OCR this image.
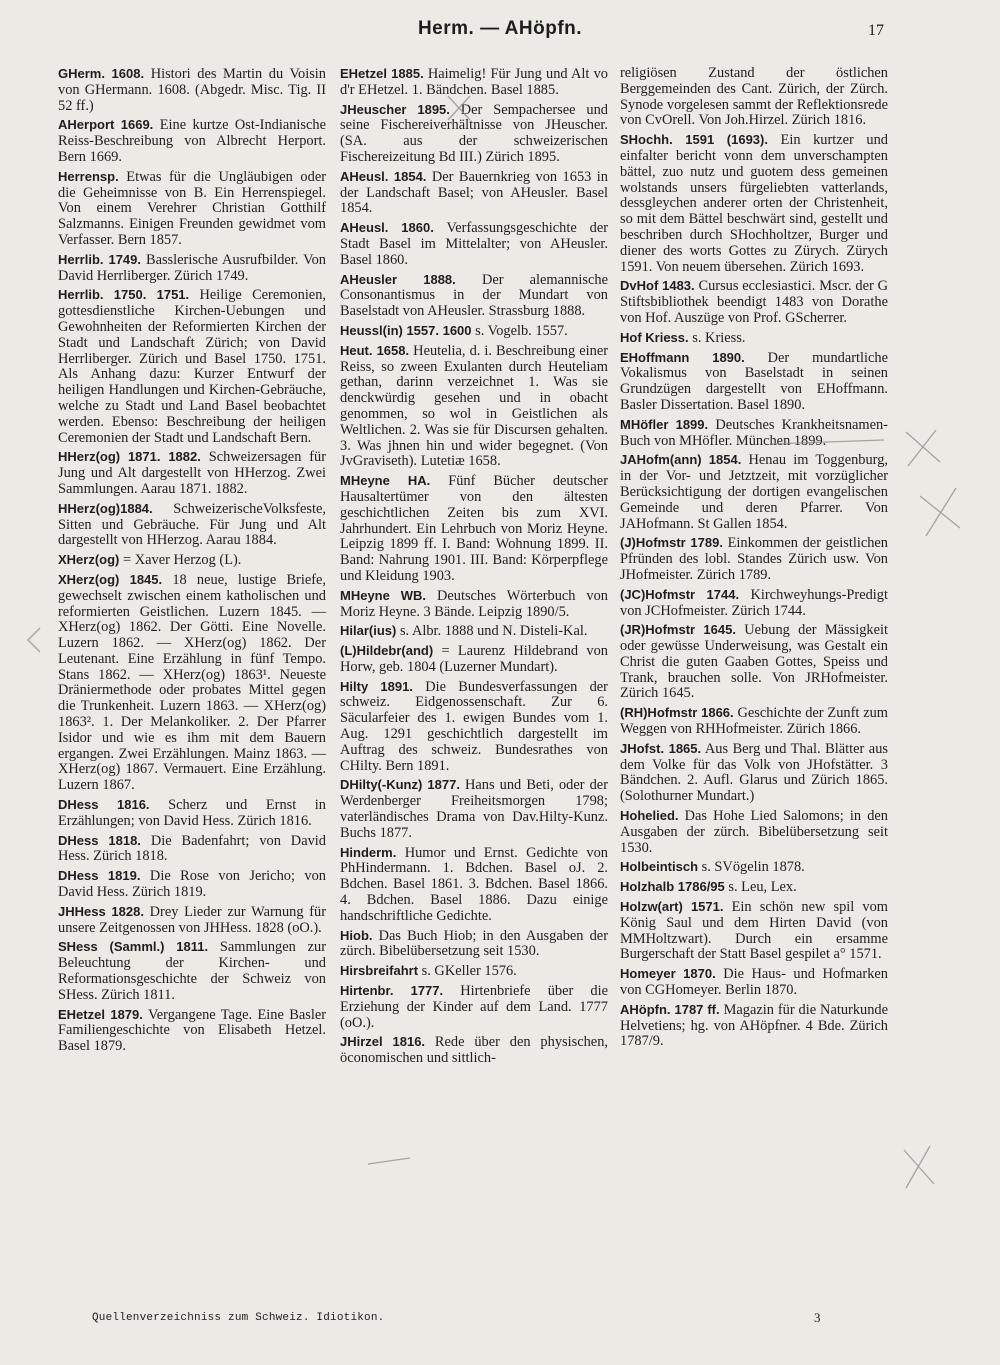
Herm. — AHöpfn.	17

GHerm. 1608. Histori des Martin du Voisin von GHermann. 1608. (Abgedr. Misc. Tig. II 52 ff.)

AHerport 1669. Eine kurtze Ost-Indianische Reiss-Beschreibung von Albrecht Herport. Bern 1669.

Herrensp. Etwas für die Ungläubigen oder die Geheimnisse von B. Ein Herrenspiegel. Von einem Verehrer Christian Gotthilf Salzmanns. Einigen Freunden gewidmet vom Verfasser. Bern 1857.

Herrlib. 1749. Basslerische Ausrufbilder. Von David Herrliberger. Zürich 1749.

Herrlib. 1750. 1751. Heilige Ceremonien, gottesdienstliche Kirchen-Uebungen und Gewohnheiten der Reformierten Kirchen der Stadt und Landschaft Zürich; von David Herrliberger. Zürich und Basel 1750. 1751. Als Anhang dazu: Kurzer Entwurf der heiligen Handlungen und Kirchen-Gebräuche, welche zu Stadt und Land Basel beobachtet werden. Ebenso: Beschreibung der heiligen Ceremonien der Stadt und Landschaft Bern.

HHerz(og) 1871. 1882. Schweizersagen für Jung und Alt dargestellt von HHerzog. Zwei Sammlungen. Aarau 1871. 1882.

HHerz(og)1884. SchweizerischeVolksfeste, Sitten und Gebräuche. Für Jung und Alt dargestellt von HHerzog. Aarau 1884.

XHerz(og) = Xaver Herzog (L).

XHerz(og) 1845. 18 neue, lustige Briefe, gewechselt zwischen einem katholischen und reformierten Geistlichen. Luzern 1845. — XHerz(og) 1862. Der Götti. Eine Novelle. Luzern 1862. — XHerz(og) 1862. Der Leutenant. Eine Erzählung in fünf Tempo. Stans 1862. — XHerz(og) 1863¹. Neueste Dräniermethode oder probates Mittel gegen die Trunkenheit. Luzern 1863. — XHerz(og) 1863². 1. Der Melankoliker. 2. Der Pfarrer Isidor und wie es ihm mit dem Bauern ergangen. Zwei Erzählungen. Mainz 1863. — XHerz(og) 1867. Vermauert. Eine Erzählung. Luzern 1867.

DHess 1816. Scherz und Ernst in Erzählungen; von David Hess. Zürich 1816.

DHess 1818. Die Badenfahrt; von David Hess. Zürich 1818.

DHess 1819. Die Rose von Jericho; von David Hess. Zürich 1819.

JHHess 1828. Drey Lieder zur Warnung für unsere Zeitgenossen von JHHess. 1828 (oO.).

SHess (Samml.) 1811. Sammlungen zur Beleuchtung der Kirchen- und Reformationsgeschichte der Schweiz von SHess. Zürich 1811.

EHetzel 1879. Vergangene Tage. Eine Basler Familiengeschichte von Elisabeth Hetzel. Basel 1879.

EHetzel 1885. Haimelig! Für Jung und Alt vo d'r EHetzel. 1. Bändchen. Basel 1885.

JHeuscher 1895. Der Sempachersee und seine Fischereiverhältnisse von JHeuscher. (SA. aus der schweizerischen Fischereizeitung Bd III.) Zürich 1895.

AHeusl. 1854. Der Bauernkrieg von 1653 in der Landschaft Basel; von AHeusler. Basel 1854.

AHeusl. 1860. Verfassungsgeschichte der Stadt Basel im Mittelalter; von AHeusler. Basel 1860.

AHeusler 1888. Der alemannische Consonantismus in der Mundart von Baselstadt von AHeusler. Strassburg 1888.

Heussl(in) 1557. 1600 s. Vogelb. 1557.

Heut. 1658. Heutelia, d. i. Beschreibung einer Reiss, so zween Exulanten durch Heuteliam gethan, darinn verzeichnet 1. Was sie denckwürdig gesehen und in obacht genommen, so wol in Geistlichen als Weltlichen. 2. Was sie für Discursen gehalten. 3. Was jhnen hin und wider begegnet. (Von JvGraviseth). Lutetiæ 1658.

MHeyne HA. Fünf Bücher deutscher Hausaltertümer von den ältesten geschichtlichen Zeiten bis zum XVI. Jahrhundert. Ein Lehrbuch von Moriz Heyne. Leipzig 1899 ff. I. Band: Wohnung 1899. II. Band: Nahrung 1901. III. Band: Körperpflege und Kleidung 1903.

MHeyne WB. Deutsches Wörterbuch von Moriz Heyne. 3 Bände. Leipzig 1890/5.

Hilar(ius) s. Albr. 1888 und N. Disteli-Kal.

(L)Hildebr(and) = Laurenz Hildebrand von Horw, geb. 1804 (Luzerner Mundart).

Hilty 1891. Die Bundesverfassungen der schweiz. Eidgenossenschaft. Zur 6. Säcularfeier des 1. ewigen Bundes vom 1. Aug. 1291 geschichtlich dargestellt im Auftrag des schweiz. Bundesrathes von CHilty. Bern 1891.

DHilty(-Kunz) 1877. Hans und Beti, oder der Werdenberger Freiheitsmorgen 1798; vaterländisches Drama von Dav.Hilty-Kunz. Buchs 1877.

Hinderm. Humor und Ernst. Gedichte von PhHindermann. 1. Bdchen. Basel oJ. 2. Bdchen. Basel 1861. 3. Bdchen. Basel 1866. 4. Bdchen. Basel 1886. Dazu einige handschriftliche Gedichte.

Hiob. Das Buch Hiob; in den Ausgaben der zürch. Bibelübersetzung seit 1530.

Hirsbreifahrt s. GKeller 1576.

Hirtenbr. 1777. Hirtenbriefe über die Erziehung der Kinder auf dem Land. 1777 (oO.).

JHirzel 1816. Rede über den physischen, öconomischen und sittlich-

religiösen Zustand der östlichen Berggemeinden des Cant. Zürich, der Zürch. Synode vorgelesen sammt der Reflektionsrede von CvOrell. Von Joh.Hirzel. Zürich 1816.

SHochh. 1591 (1693). Ein kurtzer und einfalter bericht vonn dem unverschampten bättel, zuo nutz und guotem dess gemeinen wolstands unsers fürgeliebten vatterlands, dessgleychen anderer orten der Christenheit, so mit dem Bättel beschwärt sind, gestellt und beschriben durch SHochholtzer, Burger und diener des worts Gottes zu Zürych. Zürych 1591. Von neuem übersehen. Zürich 1693.

DvHof 1483. Cursus ecclesiastici. Mscr. der G Stiftsbibliothek beendigt 1483 von Dorathe von Hof. Auszüge von Prof. GScherrer.

Hof Kriess. s. Kriess.

EHoffmann 1890. Der mundartliche Vokalismus von Baselstadt in seinen Grundzügen dargestellt von EHoffmann. Basler Dissertation. Basel 1890.

MHöfler 1899. Deutsches Krankheitsnamen-Buch von MHöfler. München 1899.

JAHofm(ann) 1854. Henau im Toggenburg, in der Vor- und Jetztzeit, mit vorzüglicher Berücksichtigung der dortigen evangelischen Gemeinde und deren Pfarrer. Von JAHofmann. St Gallen 1854.

(J)Hofmstr 1789. Einkommen der geistlichen Pfründen des lobl. Standes Zürich usw. Von JHofmeister. Zürich 1789.

(JC)Hofmstr 1744. Kirchweyhungs-Predigt von JCHofmeister. Zürich 1744.

(JR)Hofmstr 1645. Uebung der Mässigkeit oder gewüsse Underweisung, was Gestalt ein Christ die guten Gaaben Gottes, Speiss und Trank, brauchen solle. Von JRHofmeister. Zürich 1645.

(RH)Hofmstr 1866. Geschichte der Zunft zum Weggen von RHHofmeister. Zürich 1866.

JHofst. 1865. Aus Berg und Thal. Blätter aus dem Volke für das Volk von JHofstätter. 3 Bändchen. 2. Aufl. Glarus und Zürich 1865. (Solothurner Mundart.)

Hohelied. Das Hohe Lied Salomons; in den Ausgaben der zürch. Bibelübersetzung seit 1530.

Holbeintisch s. SVögelin 1878.

Holzhalb 1786/95 s. Leu, Lex.

Holzw(art) 1571. Ein schön new spil vom König Saul und dem Hirten David (von MMHoltzwart). Durch ein ersamme Burgerschaft der Statt Basel gespilet a° 1571.

Homeyer 1870. Die Haus- und Hofmarken von CGHomeyer. Berlin 1870.

AHöpfn. 1787 ff. Magazin für die Naturkunde Helvetiens; hg. von AHöpfner. 4 Bde. Zürich 1787/9.

Quellenverzeichniss zum Schweiz. Idiotikon.	3
